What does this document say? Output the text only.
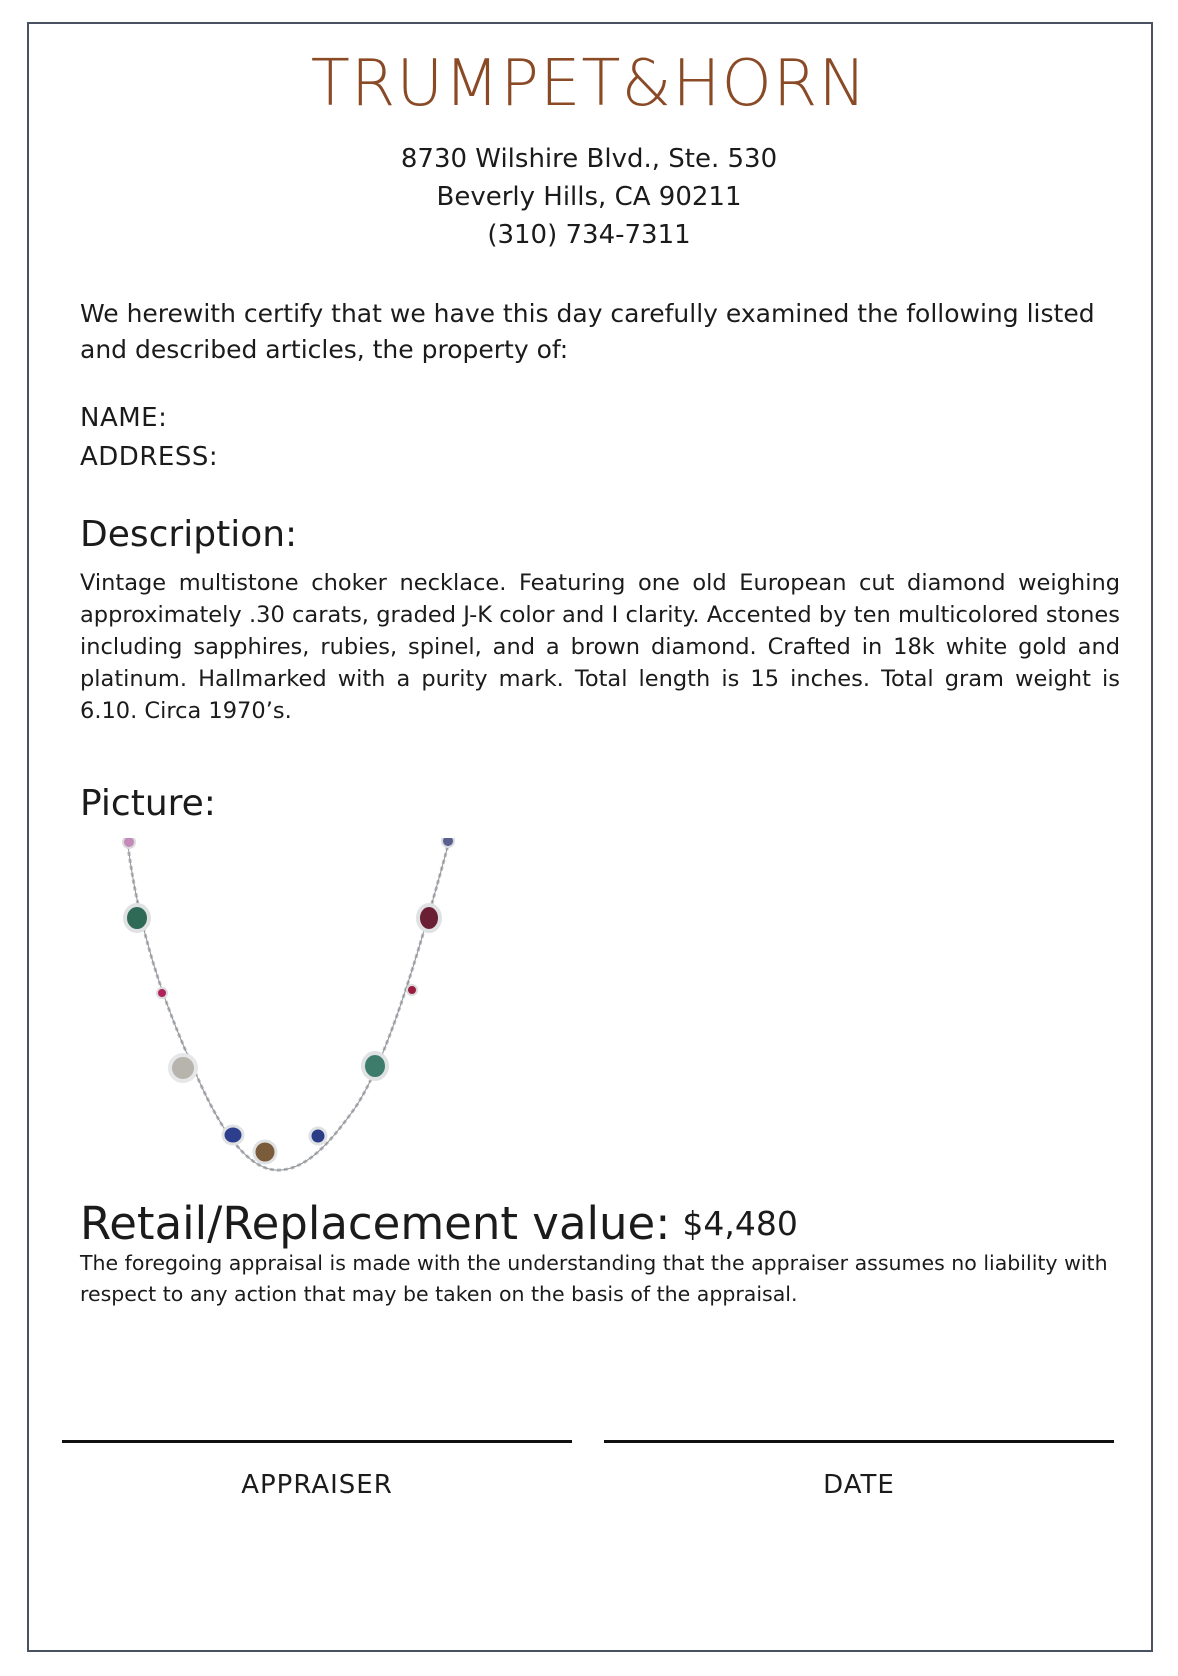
TRUMPET&HORN
8730 Wilshire Blvd., Ste. 530
Beverly Hills, CA 90211
(310) 734-7311
We herewith certify that we have this day carefully examined the following listed and described articles, the property of:
NAME:
ADDRESS:
Description:
Vintage multistone choker necklace. Featuring one old European cut diamond weighing approximately .30 carats, graded J-K color and I clarity. Accented by ten multicolored stones including sapphires, rubies, spinel, and a brown diamond. Crafted in 18k white gold and platinum. Hallmarked with a purity mark. Total length is 15 inches. Total gram weight is 6.10. Circa 1970’s.
Picture:
Retail/Replacement value: $4,480
The foregoing appraisal is made with the understanding that the appraiser assumes no liability with respect to any action that may be taken on the basis of the appraisal.
APPRAISER	DATE
